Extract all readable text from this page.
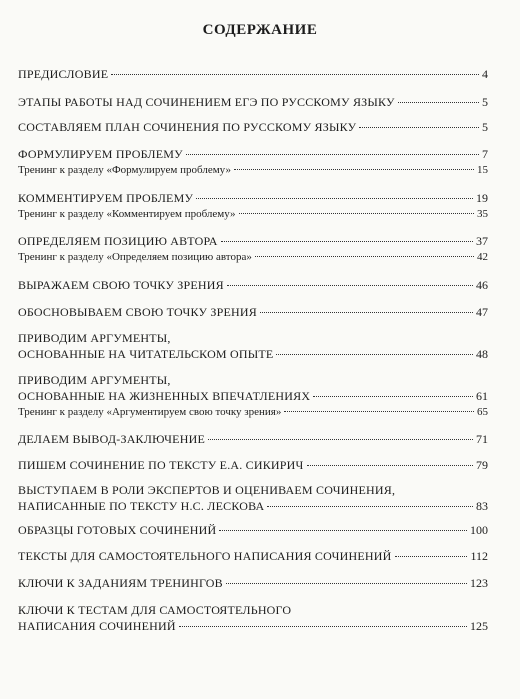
СОДЕРЖАНИЕ
ПРЕДИСЛОВИЕ	4
ЭТАПЫ РАБОТЫ НАД СОЧИНЕНИЕМ ЕГЭ ПО РУССКОМУ ЯЗЫКУ	5
СОСТАВЛЯЕМ ПЛАН СОЧИНЕНИЯ ПО РУССКОМУ ЯЗЫКУ	5
ФОРМУЛИРУЕМ ПРОБЛЕМУ	7
Тренинг к разделу «Формулируем проблему»	15
КОММЕНТИРУЕМ ПРОБЛЕМУ	19
Тренинг к разделу «Комментируем проблему»	35
ОПРЕДЕЛЯЕМ ПОЗИЦИЮ АВТОРА	37
Тренинг к разделу «Определяем позицию автора»	42
ВЫРАЖАЕМ СВОЮ ТОЧКУ ЗРЕНИЯ	46
ОБОСНОВЫВАЕМ СВОЮ ТОЧКУ ЗРЕНИЯ	47
ПРИВОДИМ АРГУМЕНТЫ,
ОСНОВАННЫЕ НА ЧИТАТЕЛЬСКОМ ОПЫТЕ	48
ПРИВОДИМ АРГУМЕНТЫ,
ОСНОВАННЫЕ НА ЖИЗНЕННЫХ ВПЕЧАТЛЕНИЯХ	61
Тренинг к разделу «Аргументируем свою точку зрения»	65
ДЕЛАЕМ ВЫВОД-ЗАКЛЮЧЕНИЕ	71
ПИШЕМ СОЧИНЕНИЕ ПО ТЕКСТУ Е.А. СИКИРИЧ	79
ВЫСТУПАЕМ В РОЛИ ЭКСПЕРТОВ И ОЦЕНИВАЕМ СОЧИНЕНИЯ,
НАПИСАННЫЕ ПО ТЕКСТУ Н.С. ЛЕСКОВА	83
ОБРАЗЦЫ ГОТОВЫХ СОЧИНЕНИЙ	100
ТЕКСТЫ ДЛЯ САМОСТОЯТЕЛЬНОГО НАПИСАНИЯ СОЧИНЕНИЙ	112
КЛЮЧИ К ЗАДАНИЯМ ТРЕНИНГОВ	123
КЛЮЧИ К ТЕСТАМ ДЛЯ САМОСТОЯТЕЛЬНОГО
НАПИСАНИЯ СОЧИНЕНИЙ	125
